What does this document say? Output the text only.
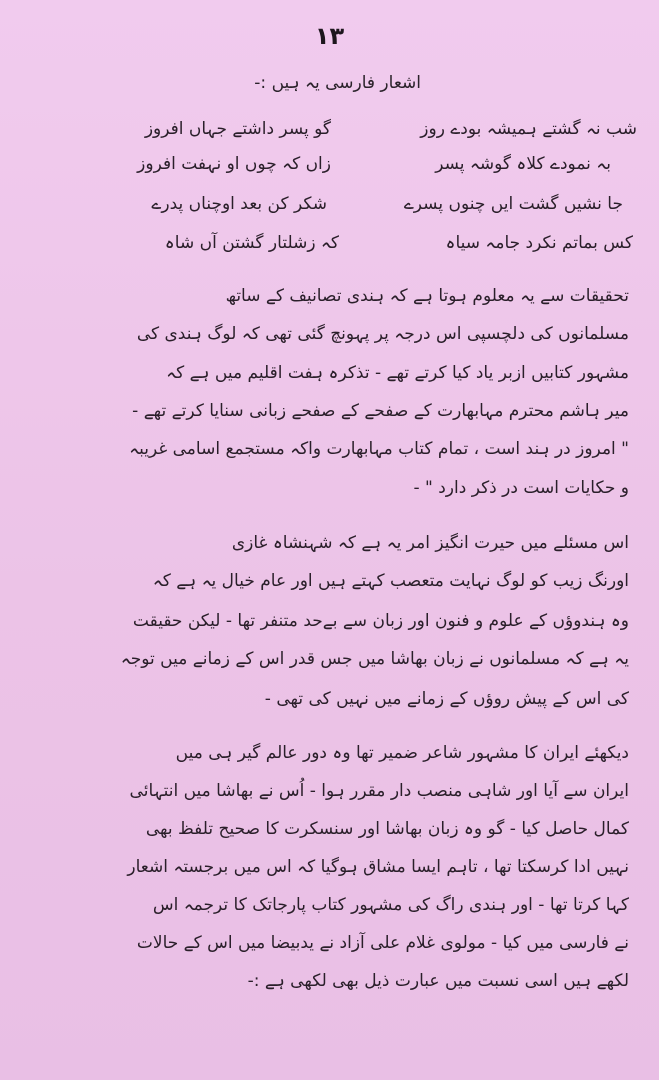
۱۳
اشعار فارسی یہ ہیں :-
گو پسر داشتے جہاں افروز	شب نہ گشتے ہمیشہ بودے روز
زاں کہ چوں او نہفت افروز	بہ نمودے کلاہ گوشہ پسر
شکر کن بعد اوچناں پدرے	جا نشیں گشت ایں چنوں پسرے
کہ زشلتار گشتن آں شاہ	کس بماتم نکرد جامہ سیاہ
تحقیقات سے یہ معلوم ہوتا ہے کہ ہندی تصانیف کے ساتھ
مسلمانوں کی دلچسپی اس درجہ پر پہونچ گئی تھی کہ لوگ ہندی کی
مشہور کتابیں ازبر یاد کیا کرتے تھے - تذکرہ ہفت اقلیم میں ہے کہ
میر ہاشم محترم مہابھارت کے صفحے کے صفحے زبانی سنایا کرتے تھے -
" امروز در ہند است ، تمام کتاب مہابھارت واکہ مستجمع اسامی غریبہ
و حکایات است در ذکر دارد " -
اس مسئلے میں حیرت انگیز امر یہ ہے کہ شہنشاہ غازی
اورنگ زیب کو لوگ نہایت متعصب کہتے ہیں اور عام خیال یہ ہے کہ
وہ ہندوؤں کے علوم و فنون اور زبان سے بےحد متنفر تھا - لیکن حقیقت
یہ ہے کہ مسلمانوں نے زبان بھاشا میں جس قدر اس کے زمانے میں توجہ
کی اس کے پیش روؤں کے زمانے میں نہیں کی تھی -
دیکھئے ایران کا مشہور شاعر ضمیر تھا وہ دور عالم گیر ہی میں
ایران سے آیا اور شاہی منصب دار مقرر ہوا - اُس نے بھاشا میں انتہائی
کمال حاصل کیا - گو وہ زبان بھاشا اور سنسکرت کا صحیح تلفظ بھی
نہیں ادا کرسکتا تھا ، تاہم ایسا مشاق ہوگیا کہ اس میں برجستہ اشعار
کہا کرتا تھا - اور ہندی راگ کی مشہور کتاب پارجاتک کا ترجمہ اس
نے فارسی میں کیا - مولوی غلام علی آزاد نے یدبیضا میں اس کے حالات
لکھے ہیں اسی نسبت میں عبارت ذیل بھی لکھی ہے :-
